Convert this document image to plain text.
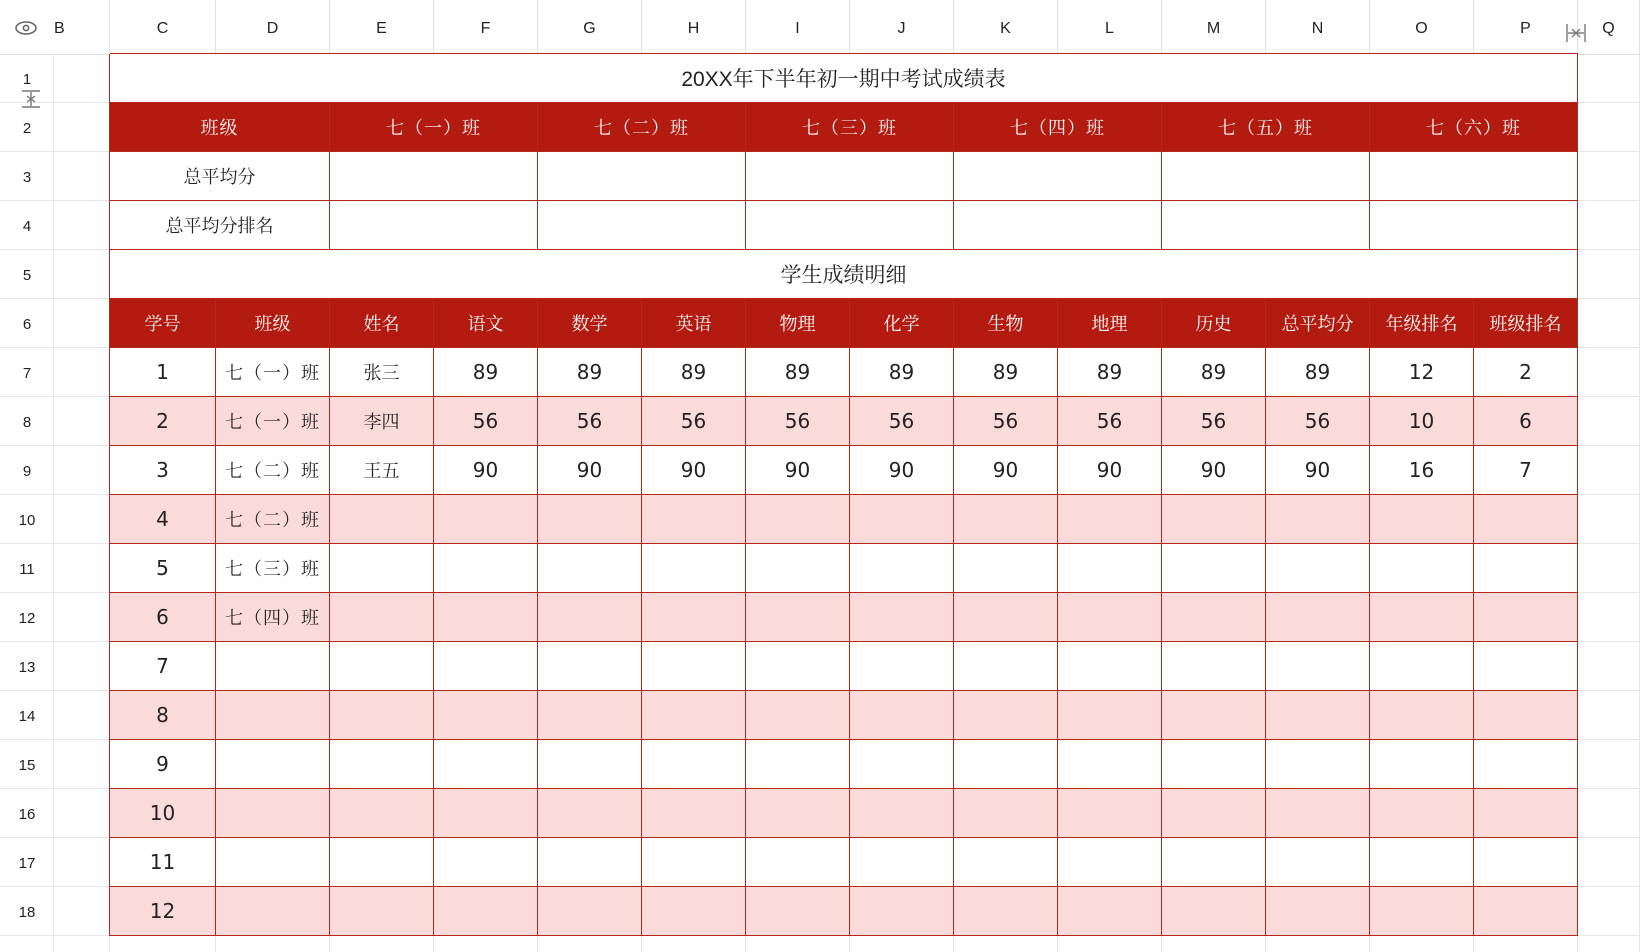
B	C	D	E	F	G	H	I	J	K	L	M	N	O	P	Q
1
2
3
4
5
6
7
8
9
10
11
12
13
14
15
16
17
18
20XX年下半年初一期中考试成绩表
班级	七（一）班	七（二）班	七（三）班	七（四）班	七（五）班	七（六）班
总平均分
总平均分排名
学生成绩明细
学号	班级	姓名	语文	数学	英语	物理	化学	生物	地理	历史	总平均分	年级排名	班级排名
1	七（一）班	张三	89	89	89	89	89	89	89	89	89	12	2
2	七（一）班	李四	56	56	56	56	56	56	56	56	56	10	6
3	七（二）班	王五	90	90	90	90	90	90	90	90	90	16	7
4	七（二）班
5	七（三）班
6	七（四）班
7
8
9
10
11
12
